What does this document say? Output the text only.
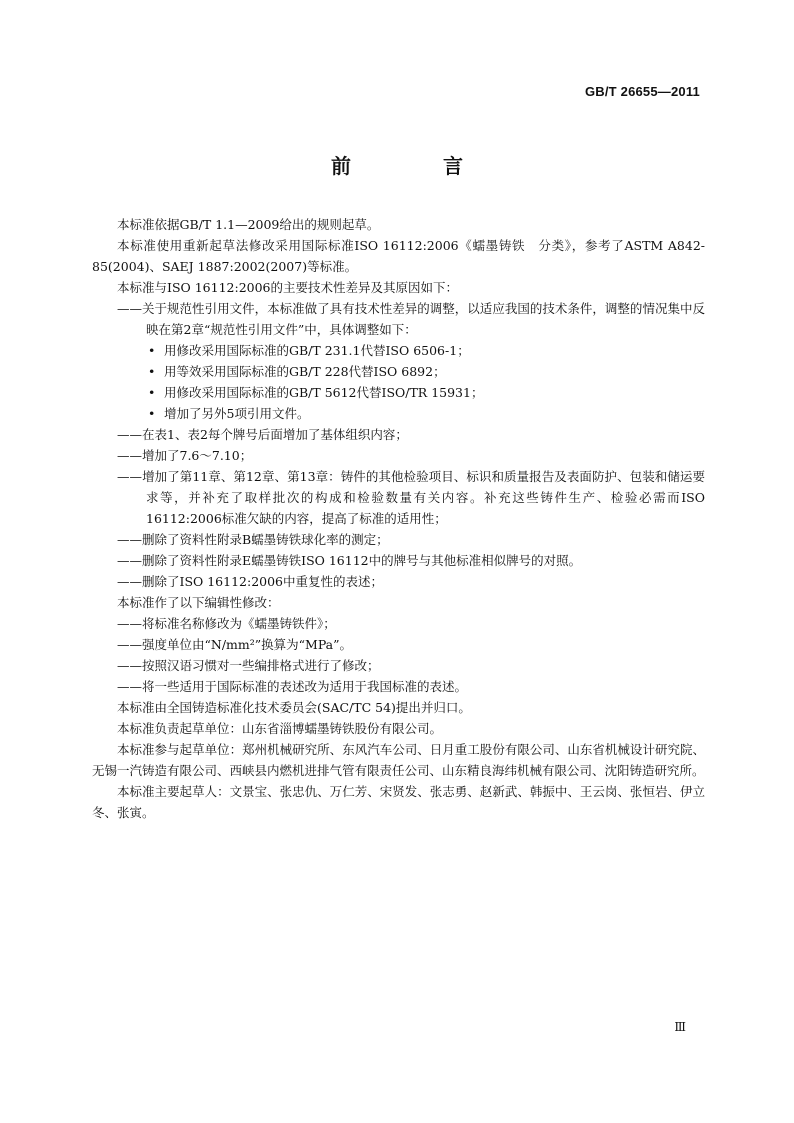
GB/T 26655—2011
前　言

本标准依据GB/T 1.1—2009给出的规则起草。

本标准使用重新起草法修改采用国际标准ISO 16112:2006《蠕墨铸铁　分类》，参考了ASTM A842-85(2004)、SAEJ 1887:2002(2007)等标准。

本标准与ISO 16112:2006的主要技术性差异及其原因如下：

——关于规范性引用文件，本标准做了具有技术性差异的调整，以适应我国的技术条件，调整的情况集中反映在第2章“规范性引用文件”中，具体调整如下：

• 用修改采用国际标准的GB/T 231.1代替ISO 6506-1；

• 用等效采用国际标准的GB/T 228代替ISO 6892；

• 用修改采用国际标准的GB/T 5612代替ISO/TR 15931；

• 增加了另外5项引用文件。

——在表1、表2每个牌号后面增加了基体组织内容；

——增加了7.6～7.10；

——增加了第11章、第12章、第13章：铸件的其他检验项目、标识和质量报告及表面防护、包装和储运要求等，并补充了取样批次的构成和检验数量有关内容。补充这些铸件生产、检验必需而ISO 16112:2006标准欠缺的内容，提高了标准的适用性；

——删除了资料性附录B蠕墨铸铁球化率的测定；

——删除了资料性附录E蠕墨铸铁ISO 16112中的牌号与其他标准相似牌号的对照。

——删除了ISO 16112:2006中重复性的表述；

本标准作了以下编辑性修改：

——将标准名称修改为《蠕墨铸铁件》；

——强度单位由“N/mm²”换算为“MPa”。

——按照汉语习惯对一些编排格式进行了修改；

——将一些适用于国际标准的表述改为适用于我国标准的表述。

本标准由全国铸造标准化技术委员会(SAC/TC 54)提出并归口。

本标准负责起草单位：山东省淄博蠕墨铸铁股份有限公司。

本标准参与起草单位：郑州机械研究所、东风汽车公司、日月重工股份有限公司、山东省机械设计研究院、无锡一汽铸造有限公司、西峡县内燃机进排气管有限责任公司、山东精良海纬机械有限公司、沈阳铸造研究所。

本标准主要起草人：文景宝、张忠仇、万仁芳、宋贤发、张志勇、赵新武、韩振中、王云岗、张恒岩、伊立冬、张寅。

Ⅲ
